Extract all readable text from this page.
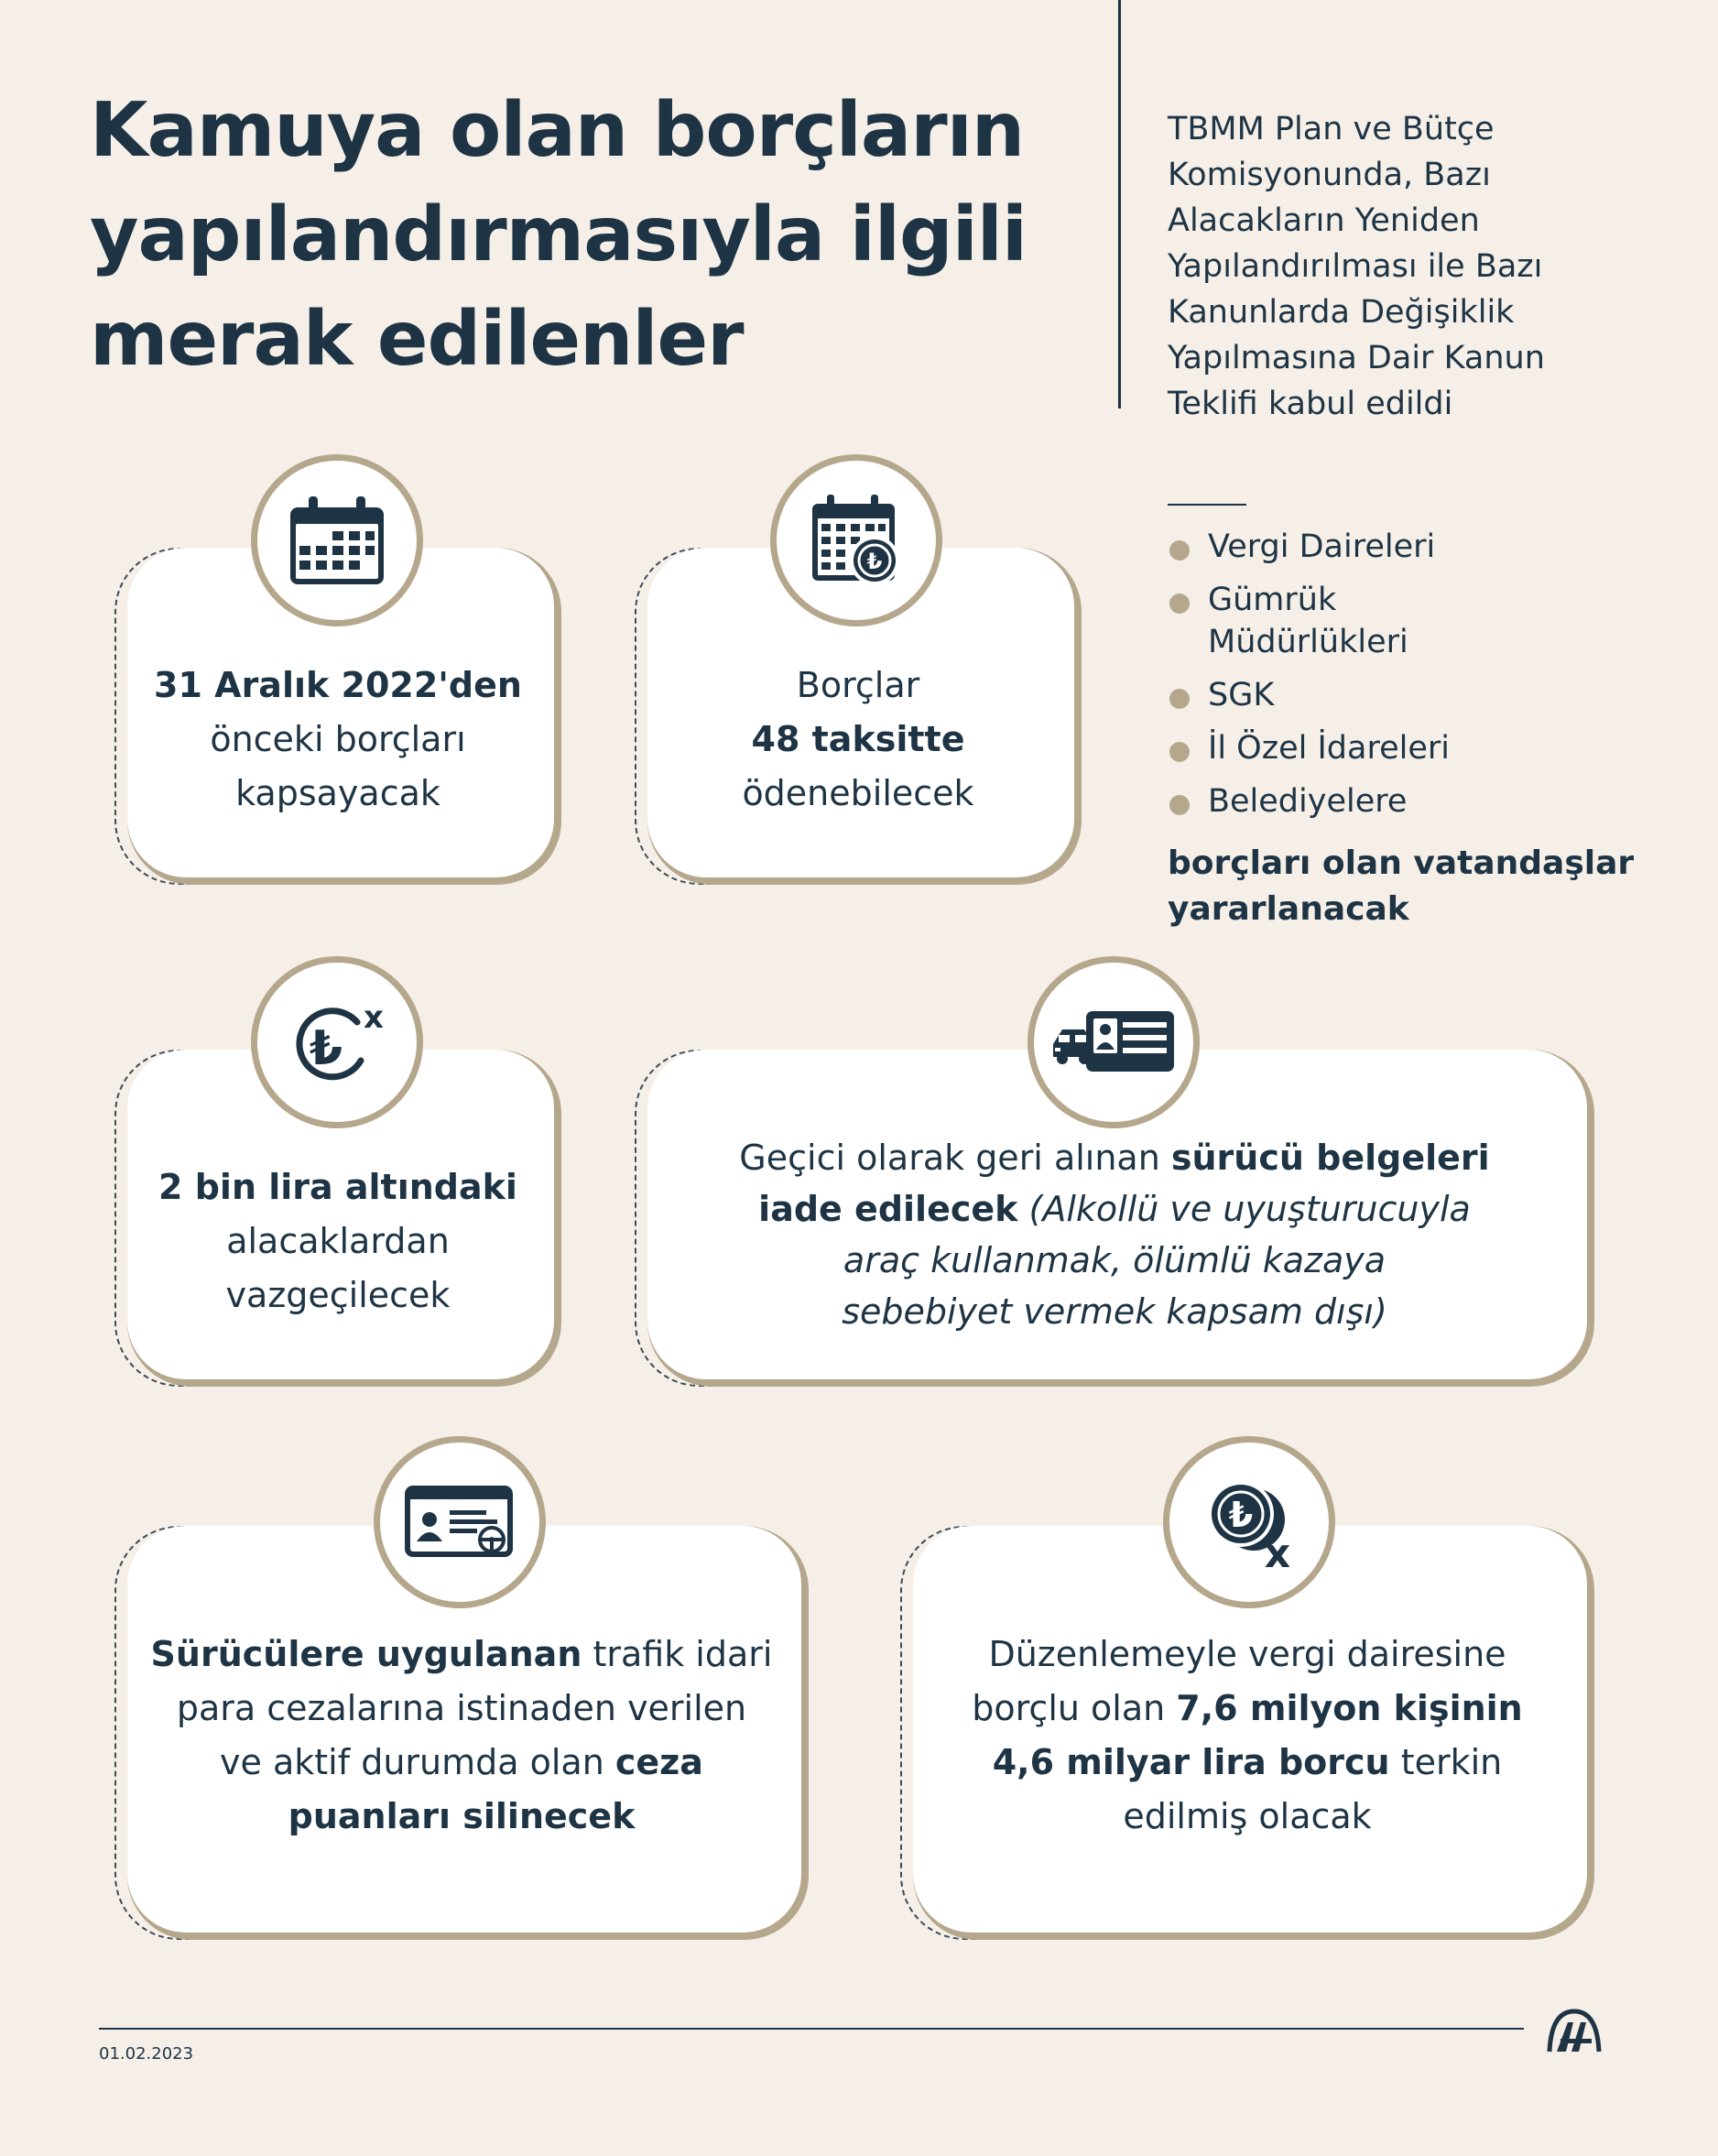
Kamuya olan borçların
yapılandırmasıyla ilgili
merak edilenler
TBMM Plan ve Bütçe
Komisyonunda, Bazı
Alacakların Yeniden
Yapılandırılması ile Bazı
Kanunlarda Değişiklik
Yapılmasına Dair Kanun
Teklifi kabul edildi
Vergi Daireleri
Gümrük
Müdürlükleri
SGK
İl Özel İdareleri
Belediyelere
borçları olan vatandaşlar
yararlanacak
31 Aralık 2022'den
önceki borçları
kapsayacak
Borçlar
48 taksitte
ödenebilecek
₺
2 bin lira altındaki
alacaklardan
vazgeçilecek
₺
x
Geçici olarak geri alınan sürücü belgeleri
iade edilecek (Alkollü ve uyuşturucuyla
araç kullanmak, ölümlü kazaya
sebebiyet vermek kapsam dışı)
Sürücülere uygulanan trafik idari
para cezalarına istinaden verilen
ve aktif durumda olan ceza
puanları silinecek
Düzenlemeyle vergi dairesine
borçlu olan 7,6 milyon kişinin
4,6 milyar lira borcu terkin
edilmiş olacak
₺
x
01.02.2023
